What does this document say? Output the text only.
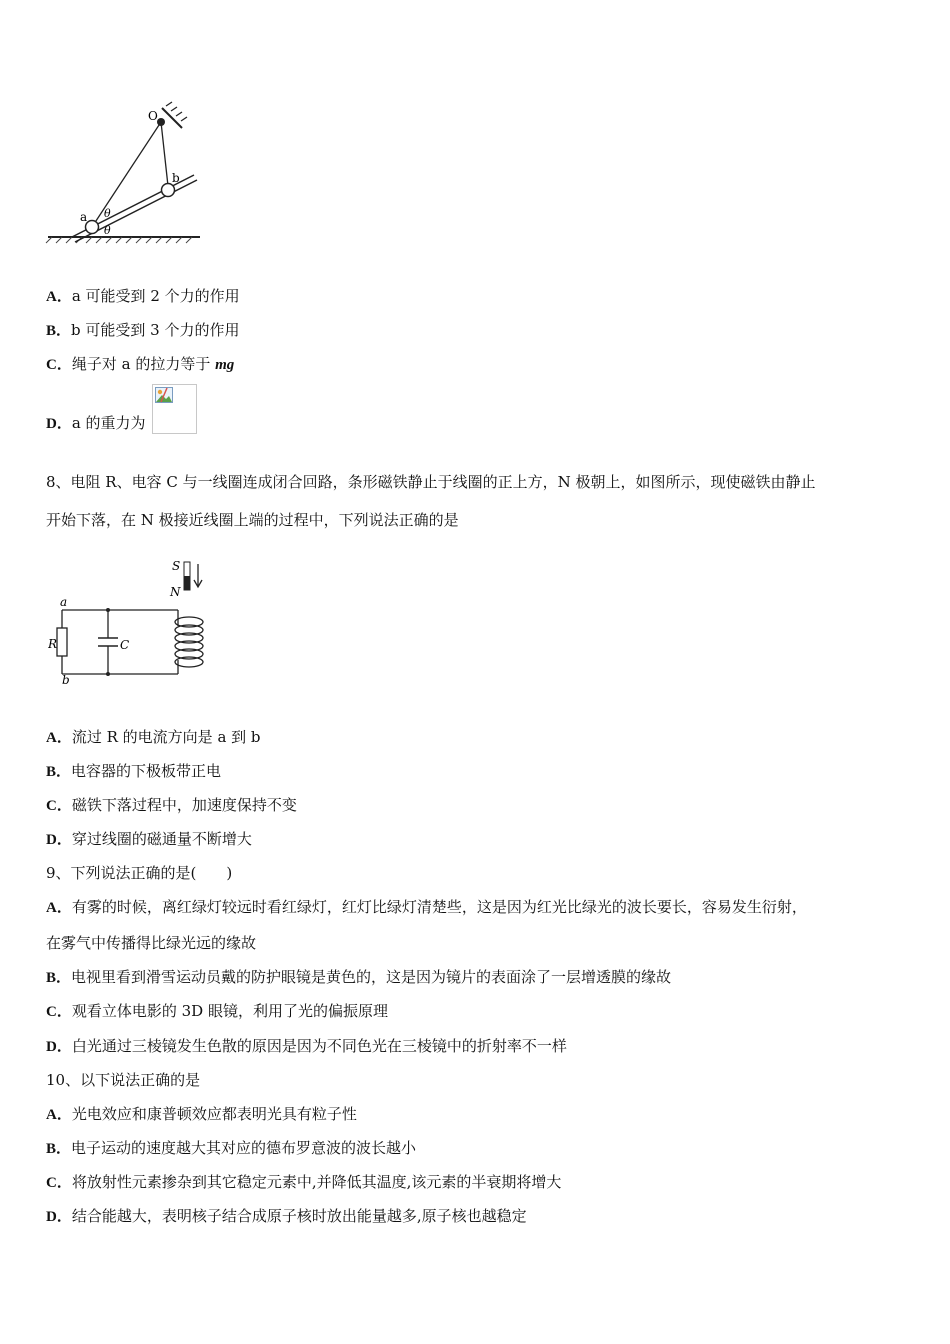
O
a
b
θ
θ
A．a 可能受到 2 个力的作用
B．b 可能受到 3 个力的作用
C．绳子对 a 的拉力等于 mg
D．a 的重力为
8、电阻 R、电容 C 与一线圈连成闭合回路，条形磁铁静止于线圈的正上方，N 极朝上，如图所示，现使磁铁由静止
开始下落，在 N 极接近线圈上端的过程中，下列说法正确的是
S
N
a
b
R	C
A．流过 R 的电流方向是 a 到 b
B．电容器的下极板带正电
C．磁铁下落过程中，加速度保持不变
D．穿过线圈的磁通量不断增大
9、下列说法正确的是(　　)
A．有雾的时候，离红绿灯较远时看红绿灯，红灯比绿灯清楚些，这是因为红光比绿光的波长要长，容易发生衍射，
在雾气中传播得比绿光远的缘故
B．电视里看到滑雪运动员戴的防护眼镜是黄色的，这是因为镜片的表面涂了一层增透膜的缘故
C．观看立体电影的 3D 眼镜，利用了光的偏振原理
D．白光通过三棱镜发生色散的原因是因为不同色光在三棱镜中的折射率不一样
10、以下说法正确的是
A．光电效应和康普顿效应都表明光具有粒子性
B．电子运动的速度越大其对应的德布罗意波的波长越小
C．将放射性元素掺杂到其它稳定元素中,并降低其温度,该元素的半衰期将增大
D．结合能越大，表明核子结合成原子核时放出能量越多,原子核也越稳定
